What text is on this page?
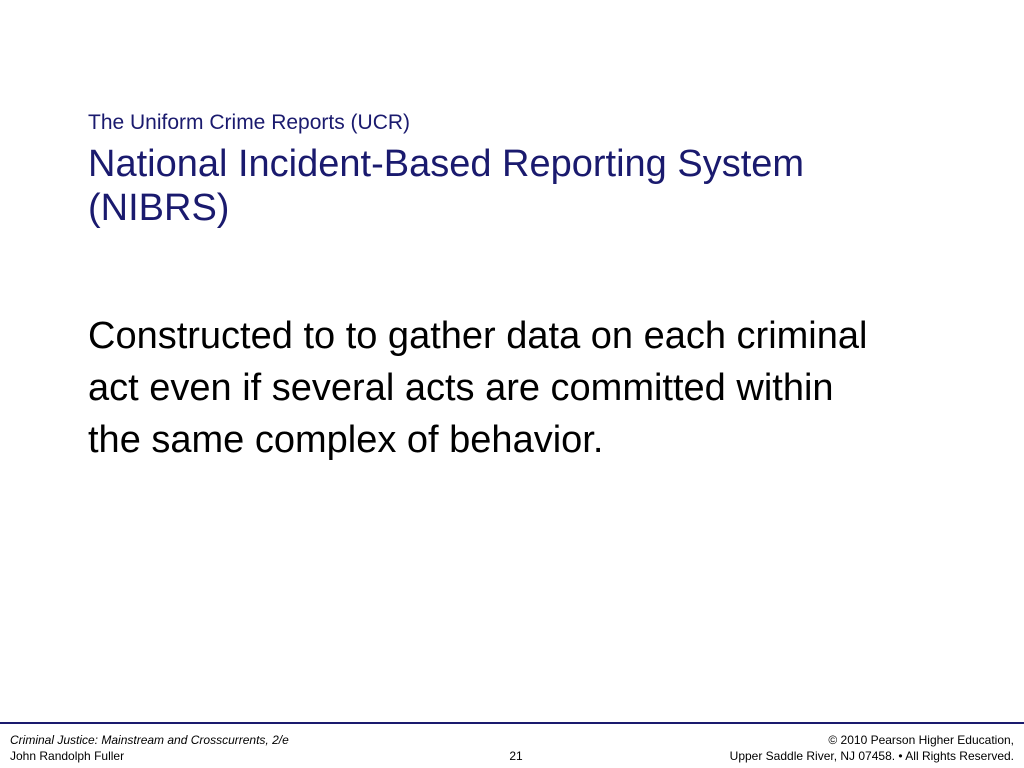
The Uniform Crime Reports (UCR)
National Incident-Based Reporting System (NIBRS)

Constructed to to gather data on each criminal act even if several acts are committed within the same complex of behavior.

Criminal Justice: Mainstream and Crosscurrents, 2/e
John Randolph Fuller	21
© 2010 Pearson Higher Education,
Upper Saddle River, NJ 07458. • All Rights Reserved.
